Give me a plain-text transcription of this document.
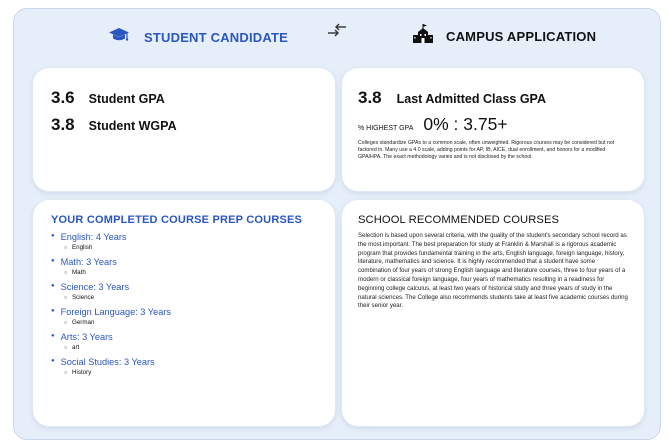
STUDENT CANDIDATE	CAMPUS APPLICATION
3.6 Student GPA
3.8 Student WGPA
3.8 Last Admitted Class GPA
% HIGHEST GPA 0% : 3.75+
Colleges standardize GPAs to a common scale, often unweighted. Rigorous courses may be considered but not factored in. Many use a 4.0 scale, adding points for AP, IB, AICE, dual enrollment, and honors for a modified GPA/HPA. The exact methodology varies and is not disclosed by the school.
YOUR COMPLETED COURSE PREP COURSES
● English: 4 Years
○ English
● Math: 3 Years
○ Math
● Science: 3 Years
○ Science
● Foreign Language: 3 Years
○ German
● Arts: 3 Years
○ art
● Social Studies: 3 Years
○ History
SCHOOL RECOMMENDED COURSES
Selection is based upon several criteria, with the quality of the student's secondary school record as the most important. The best preparation for study at Franklin & Marshall is a rigorous academic program that provides fundamental training in the arts, English language, foreign language, history, literature, mathematics and science. It is highly recommended that a student have some combination of four years of strong English language and literature courses, three to four years of a modern or classical foreign language, four years of mathematics resulting in a readiness for beginning college calculus, at least two years of historical study and three years of study in the natural sciences. The College also recommends students take at least five academic courses during their senior year.
